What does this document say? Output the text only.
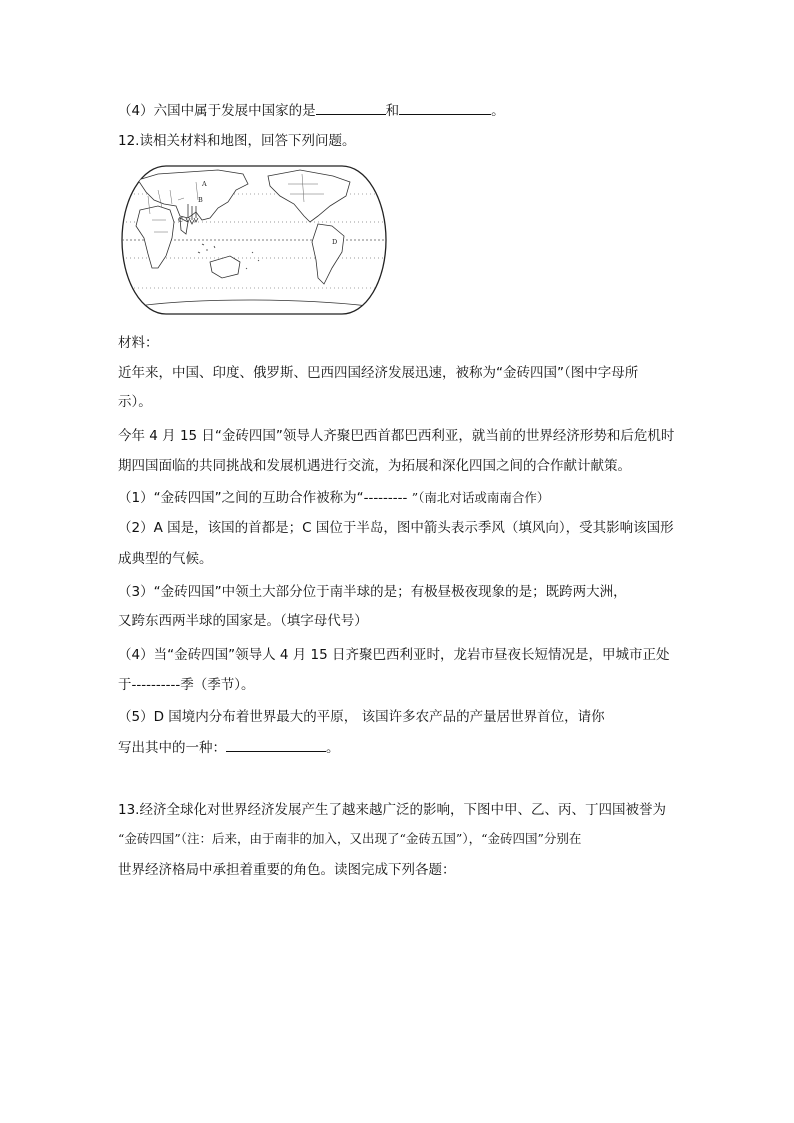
（4）六国中属于发展中国家的是	和	。
12.读相关材料和地图，回答下列问题。
A
B
C
D
材料：
近年来，中国、印度、俄罗斯、巴西四国经济发展迅速，被称为“金砖四国”（图中字母所
示）。
今年 4 月 15 日“金砖四国”领导人齐聚巴西首都巴西利亚，就当前的世界经济形势和后危机时
期四国面临的共同挑战和发展机遇进行交流，为拓展和深化四国之间的合作献计献策。
（1）“金砖四国”之间的互助合作被称为“--------- ”（南北对话或南南合作）
（2）A 国是，该国的首都是；C 国位于半岛，图中箭头表示季风（填风向），受其影响该国形
成典型的气候。
（3）“金砖四国”中领土大部分位于南半球的是；有极昼极夜现象的是；既跨两大洲，
又跨东西两半球的国家是。（填字母代号）
（4）当“金砖四国”领导人 4 月 15 日齐聚巴西利亚时，龙岩市昼夜长短情况是，甲城市正处
于----------季（季节）。
（5）D 国境内分布着世界最大的平原， 该国许多农产品的产量居世界首位，请你
写出其中的一种：	。
13.经济全球化对世界经济发展产生了越来越广泛的影响，下图中甲、乙、丙、丁四国被誉为
“金砖四国”（注：后来，由于南非的加入，又出现了“金砖五国”），“金砖四国”分别在
世界经济格局中承担着重要的角色。读图完成下列各题：
